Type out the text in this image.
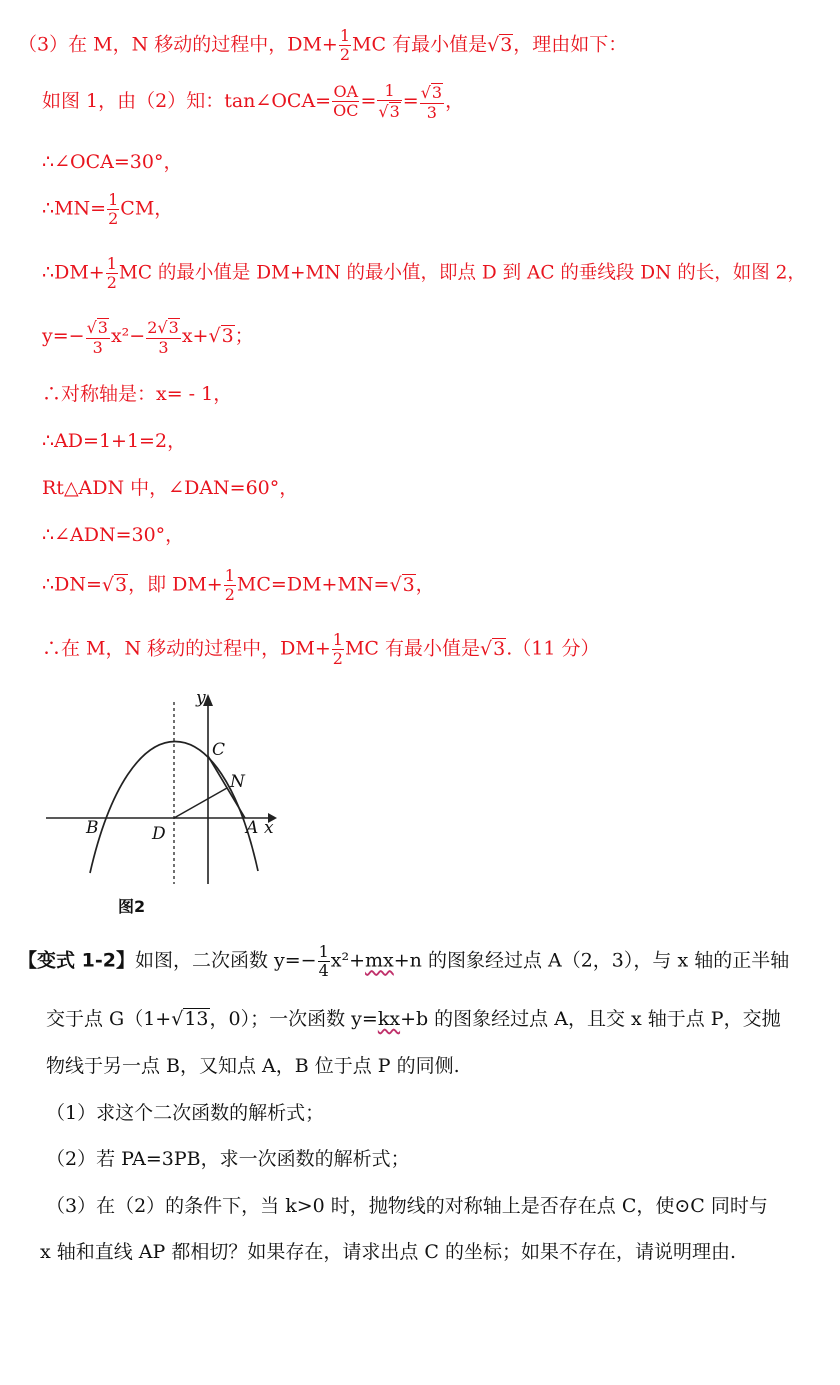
（3）在 M，N 移动的过程中，$DM+ \frac{1}{2}$ MC 有最小值是√3，理由如下：
如图 1，由（2）知：tan∠OCA= $\frac{OA}{OC} = \frac{1}{√3} = \frac{√3}{3}$ ，
∴∠OCA=30°，
∴MN= $\frac{1}{2}$ CM，
∴DM+ $\frac{1}{2}$ MC 的最小值是 DM+MN 的最小值，即点 D 到 AC 的垂线段 DN 的长，如图 2，
$y=- \frac{√3}{3} x^2- \frac{2√3}{3} x+√3$；
∴对称轴是：x= - 1，
∴AD=1+1=2，
Rt△ADN 中，∠DAN=60°，
∴∠ADN=30°，
∴DN=√3，即 $DM+ \frac{1}{2} MC=DM+MN=√3$，
∴在 M，N 移动的过程中，$DM+ \frac{1}{2}$ MC 有最小值是√3.（11 分）
y
x
C
N
B	D	A
图2
【变式 1-2】如图，二次函数 $y=- \frac{1}{4} x^2+mx+n$ 的图象经过点 A（2，3），与 x 轴的正半轴
交于点 G（1+√13，0）；一次函数 y=kx+b 的图象经过点 A，且交 x 轴于点 P，交抛
物线于另一点 B，又知点 A，B 位于点 P 的同侧.
（1）求这个二次函数的解析式；
（2）若 PA=3PB，求一次函数的解析式；
（3）在（2）的条件下，当 k>0 时，抛物线的对称轴上是否存在点 C，使⊙C 同时与
x 轴和直线 AP 都相切？如果存在，请求出点 C 的坐标；如果不存在，请说明理由.
